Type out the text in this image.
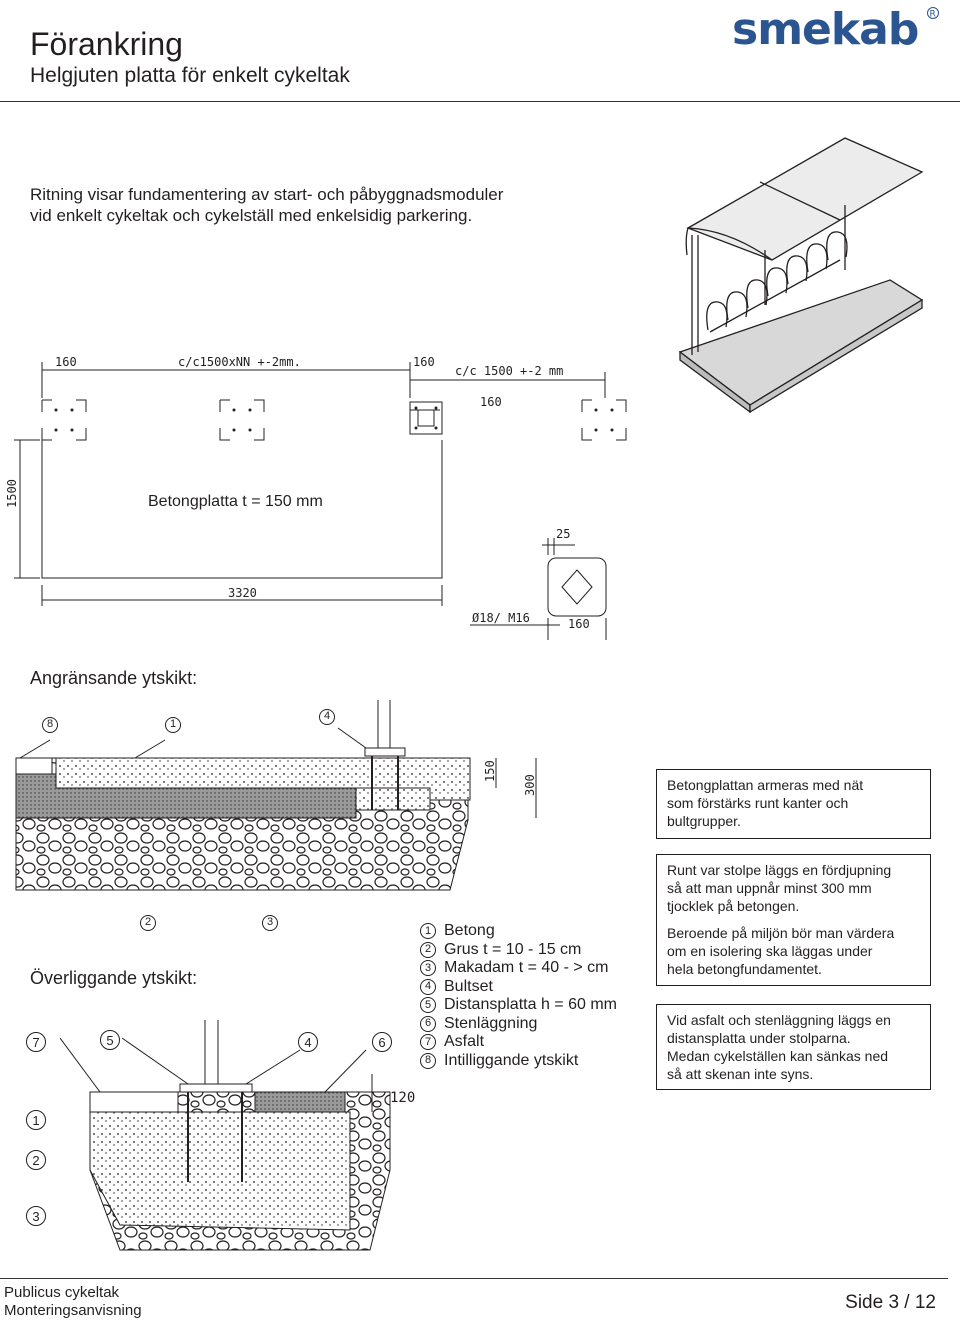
Förankring
Helgjuten platta för enkelt cykeltak
smekab R
Ritning visar fundamentering av start- och påbyggnadsmoduler
vid enkelt cykeltak och cykelställ med enkelsidig parkering.
160	c/c1500xNN +-2mm.	160
c/c 1500 +-2 mm
160
1500	Betongplatta t = 150 mm
3320
25
Ø18/ M16	160
Angränsande ytskikt:
150
300
8	1
4
Överliggande ytskikt:
2	3
120
7	5	4	6
1
2
3
1 Betong
2 Grus t = 10 - 15 cm
3 Makadam t = 40 - > cm
4 Bultset
5 Distansplatta h = 60 mm
6 Stenläggning
7 Asfalt
8 Intilliggande ytskikt
Betongplattan armeras med nät
som förstärks runt kanter och
bultgrupper.
Runt var stolpe läggs en fördjupning
så att man uppnår minst 300 mm
tjocklek på betongen.
Beroende på miljön bör man värdera
om en isolering ska läggas under
hela betongfundamentet.
Vid asfalt och stenläggning läggs en
distansplatta under stolparna.
Medan cykelställen kan sänkas ned
så att skenan inte syns.
Publicus cykeltak
Monteringsanvisning	Side 3 / 12
